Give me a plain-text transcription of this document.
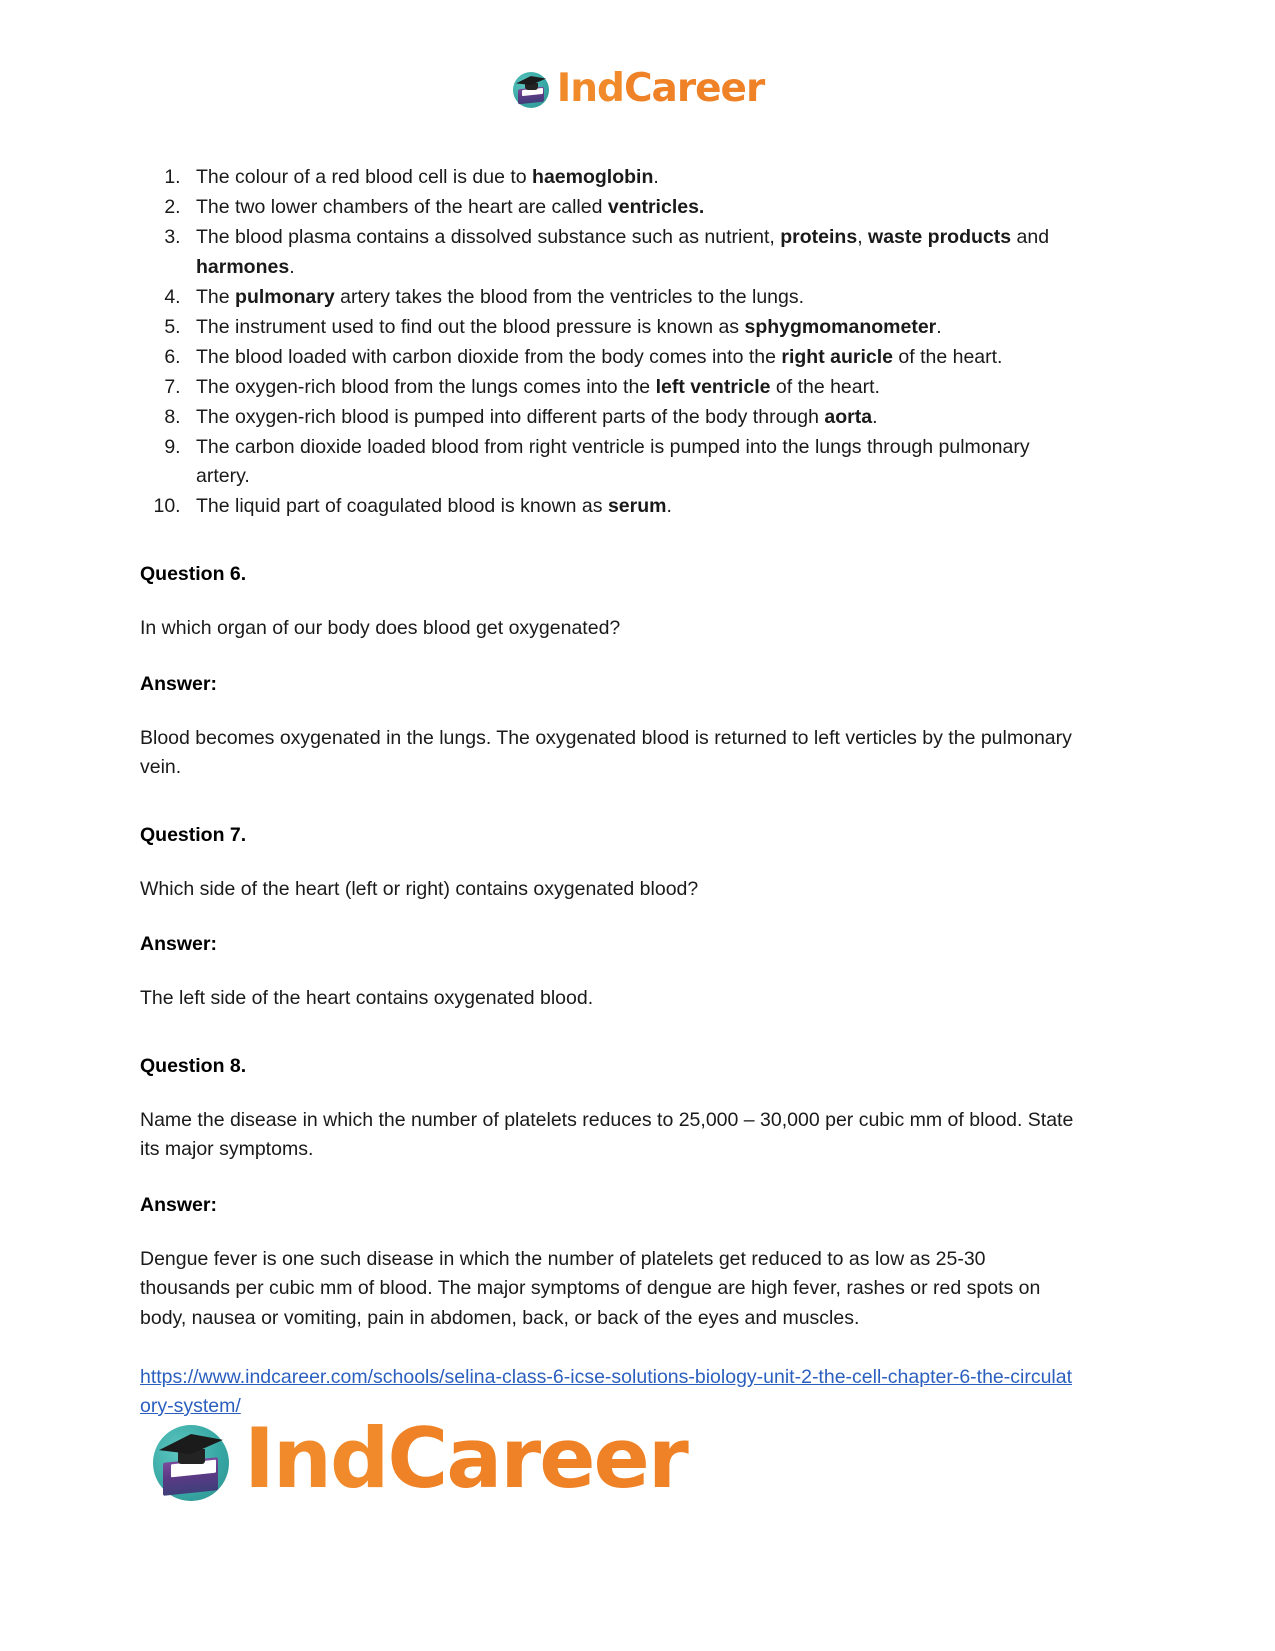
IndCareer
1. The colour of a red blood cell is due to haemoglobin.
2. The two lower chambers of the heart are called ventricles.
3. The blood plasma contains a dissolved substance such as nutrient, proteins, waste products and harmones.
4. The pulmonary artery takes the blood from the ventricles to the lungs.
5. The instrument used to find out the blood pressure is known as sphygmomanometer.
6. The blood loaded with carbon dioxide from the body comes into the right auricle of the heart.
7. The oxygen-rich blood from the lungs comes into the left ventricle of the heart.
8. The oxygen-rich blood is pumped into different parts of the body through aorta.
9. The carbon dioxide loaded blood from right ventricle is pumped into the lungs through pulmonary artery.
10. The liquid part of coagulated blood is known as serum.
Question 6.
In which organ of our body does blood get oxygenated?
Answer:
Blood becomes oxygenated in the lungs. The oxygenated blood is returned to left verticles by the pulmonary vein.
Question 7.
Which side of the heart (left or right) contains oxygenated blood?
Answer:
The left side of the heart contains oxygenated blood.
Question 8.
Name the disease in which the number of platelets reduces to 25,000 – 30,000 per cubic mm of blood. State its major symptoms.
Answer:
Dengue fever is one such disease in which the number of platelets get reduced to as low as 25-30 thousands per cubic mm of blood. The major symptoms of dengue are high fever, rashes or red spots on body, nausea or vomiting, pain in abdomen, back, or back of the eyes and muscles.
https://www.indcareer.com/schools/selina-class-6-icse-solutions-biology-unit-2-the-cell-chapter-6-the-circulatory-system/
IndCareer
